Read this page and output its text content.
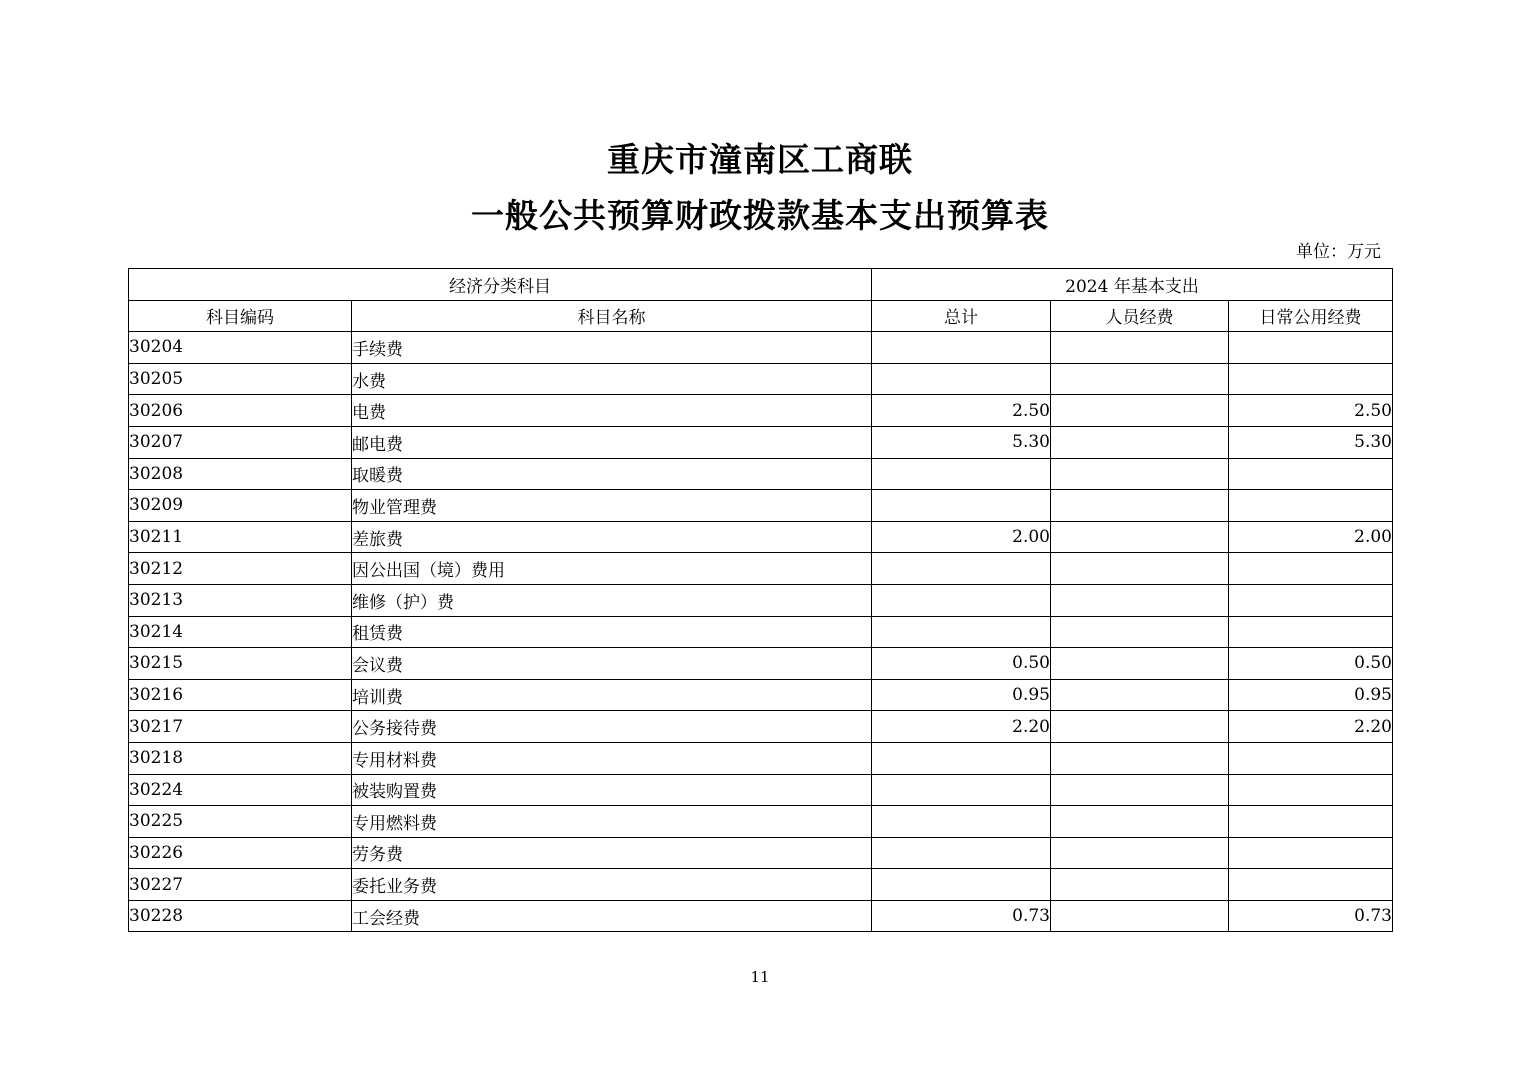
重庆市潼南区工商联
一般公共预算财政拨款基本支出预算表
单位：万元
经济分类科目		2024 年基本支出		
科目编码	科目名称	总计	人员经费	日常公用经费
30204	手续费			
30205	水费			
30206	电费	2.50		2.50
30207	邮电费	5.30		5.30
30208	取暖费			
30209	物业管理费			
30211	差旅费	2.00		2.00
30212	因公出国（境）费用			
30213	维修（护）费			
30214	租赁费			
30215	会议费	0.50		0.50
30216	培训费	0.95		0.95
30217	公务接待费	2.20		2.20
30218	专用材料费			
30224	被装购置费			
30225	专用燃料费			
30226	劳务费			
30227	委托业务费			
30228	工会经费	0.73		0.73
11
